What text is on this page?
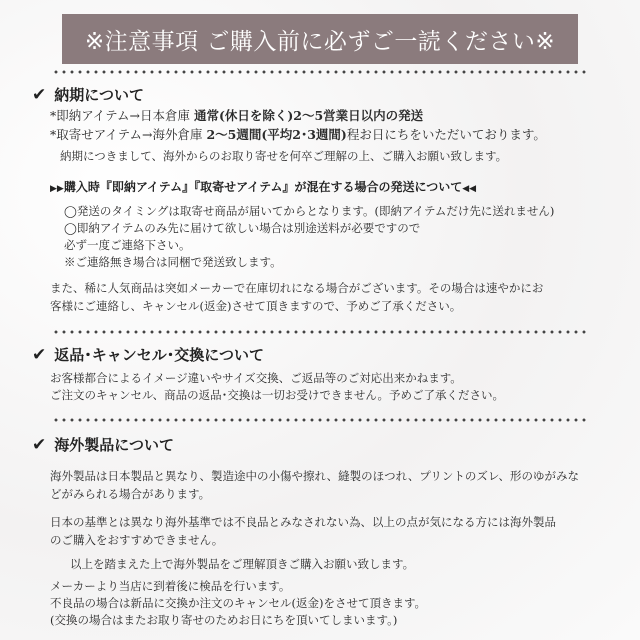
※注意事項 ご購入前に必ずご一読ください※
✔ 納期について
*即納アイテム→日本倉庫 通常(休日を除く)2〜5営業日以内の発送
*取寄せアイテム→海外倉庫 2〜5週間(平均2･3週間)程お日にちをいただいております。
納期につきまして、海外からのお取り寄せを何卒ご理解の上、ご購入お願い致します。
▶▶購入時『即納アイテム』『取寄せアイテム』が混在する場合の発送について◀◀
◯発送のタイミングは取寄せ商品が届いてからとなります。(即納アイテムだけ先に送れません)
◯即納アイテムのみ先に届けて欲しい場合は別途送料が必要ですので
必ず一度ご連絡下さい。
※ご連絡無き場合は同梱で発送致します。
また、稀に人気商品は突如メーカーで在庫切れになる場合がございます。その場合は速やかにお
客様にご連絡し、キャンセル(返金)させて頂きますので、予めご了承ください。
✔ 返品･キャンセル･交換について
お客様都合によるイメージ違いやサイズ交換、ご返品等のご対応出来かねます。
ご注文のキャンセル、商品の返品･交換は一切お受けできません。予めご了承ください。
✔ 海外製品について
海外製品は日本製品と異なり、製造途中の小傷や擦れ、縫製のほつれ、プリントのズレ、形のゆがみな
どがみられる場合があります。
日本の基準とは異なり海外基準では不良品とみなされない為、以上の点が気になる方には海外製品
のご購入をおすすめできません。
以上を踏まえた上で海外製品をご理解頂きご購入お願い致します。
メーカーより当店に到着後に検品を行います。
不良品の場合は新品に交換か注文のキャンセル(返金)をさせて頂きます。
(交換の場合はまたお取り寄せのためお日にちを頂いてしまいます。)
